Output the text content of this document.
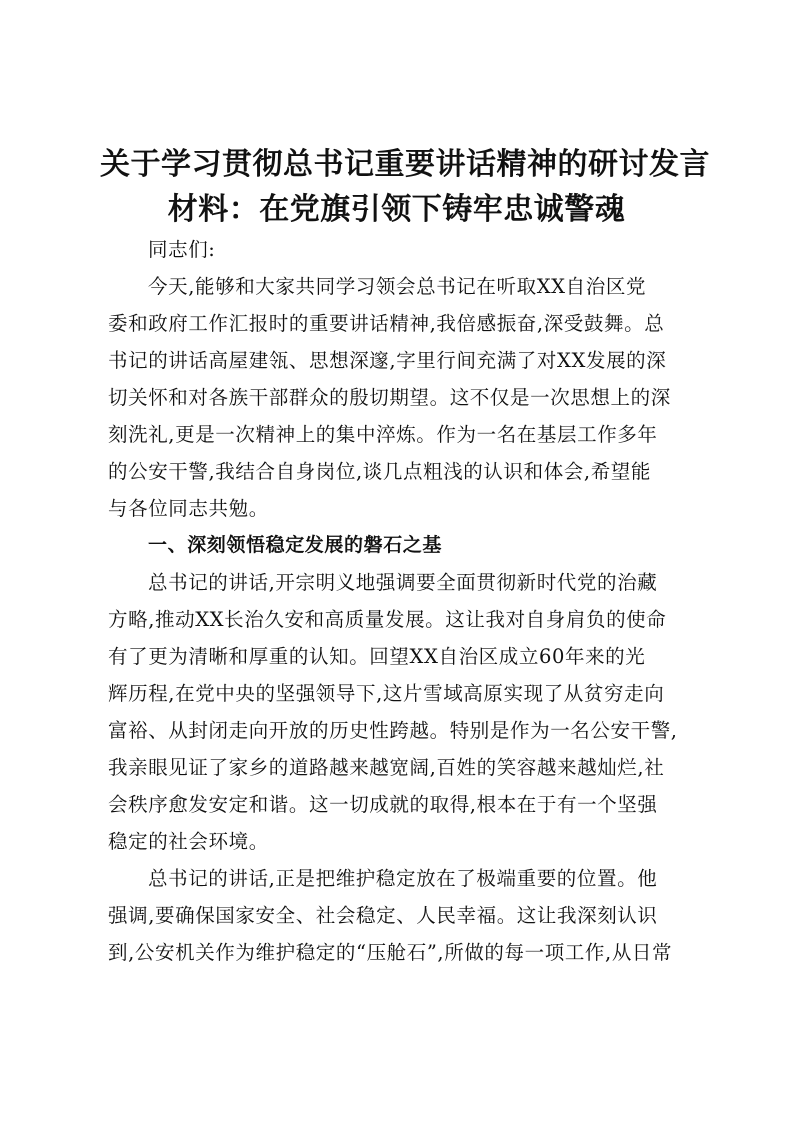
关于学习贯彻总书记重要讲话精神的研讨发言
材料：在党旗引领下铸牢忠诚警魂
同志们:
今天,能够和大家共同学习领会总书记在听取XX自治区党
委和政府工作汇报时的重要讲话精神,我倍感振奋,深受鼓舞。总
书记的讲话高屋建瓴、思想深邃,字里行间充满了对XX发展的深
切关怀和对各族干部群众的殷切期望。这不仅是一次思想上的深
刻洗礼,更是一次精神上的集中淬炼。作为一名在基层工作多年
的公安干警,我结合自身岗位,谈几点粗浅的认识和体会,希望能
与各位同志共勉。
一、深刻领悟稳定发展的磐石之基
总书记的讲话,开宗明义地强调要全面贯彻新时代党的治藏
方略,推动XX长治久安和高质量发展。这让我对自身肩负的使命
有了更为清晰和厚重的认知。回望XX自治区成立60年来的光
辉历程,在党中央的坚强领导下,这片雪域高原实现了从贫穷走向
富裕、从封闭走向开放的历史性跨越。特别是作为一名公安干警,
我亲眼见证了家乡的道路越来越宽阔,百姓的笑容越来越灿烂,社
会秩序愈发安定和谐。这一切成就的取得,根本在于有一个坚强
稳定的社会环境。
总书记的讲话,正是把维护稳定放在了极端重要的位置。他
强调,要确保国家安全、社会稳定、人民幸福。这让我深刻认识
到,公安机关作为维护稳定的“压舱石”,所做的每一项工作,从日常
